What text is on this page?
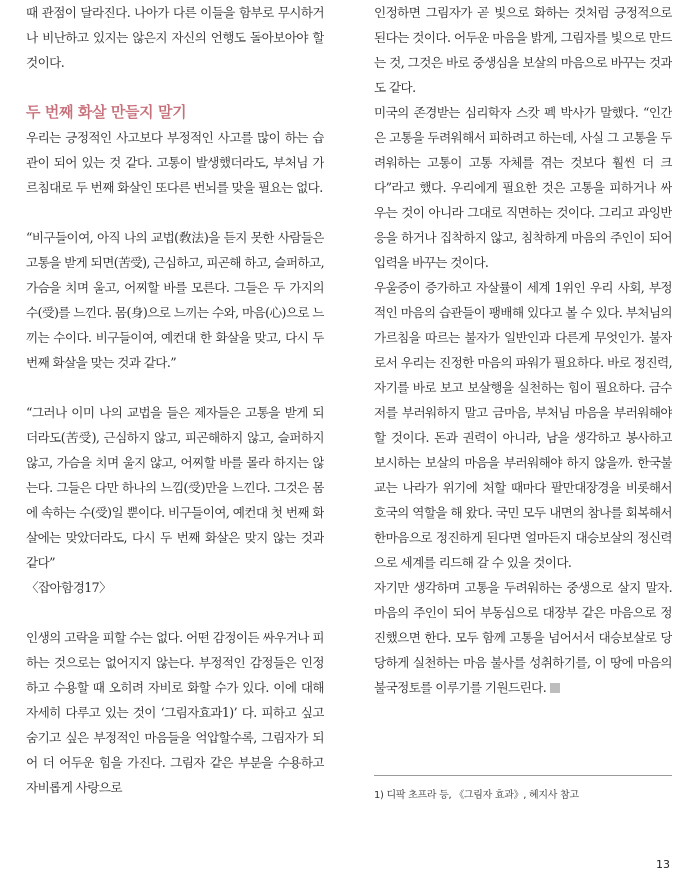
때 관점이 달라진다. 나아가 다른 이들을 함부로 무시하거나 비난하고 있지는 않은지 자신의 언행도 돌아보아야 할 것이다.

두 번째 화살 만들지 말기

우리는 긍정적인 사고보다 부정적인 사고를 많이 하는 습관이 되어 있는 것 같다. 고통이 발생했더라도, 부처님 가르침대로 두 번째 화살인 또다른 번뇌를 맞을 필요는 없다.

“비구들이여, 아직 나의 교법(敎法)을 듣지 못한 사람들은 고통을 받게 되면(苦受), 근심하고, 피곤해 하고, 슬퍼하고, 가슴을 치며 울고, 어찌할 바를 모른다. 그들은 두 가지의 수(受)를 느낀다. 몸(身)으로 느끼는 수와, 마음(心)으로 느끼는 수이다. 비구들이여, 예컨대 한 화살을 맞고, 다시 두 번째 화살을 맞는 것과 같다.”

“그러나 이미 나의 교법을 들은 제자들은 고통을 받게 되더라도(苦受), 근심하지 않고, 피곤해하지 않고, 슬퍼하지 않고, 가슴을 치며 울지 않고, 어찌할 바를 몰라 하지는 않는다. 그들은 다만 하나의 느낌(受)만을 느낀다. 그것은 몸에 속하는 수(受)일 뿐이다. 비구들이여, 예컨대 첫 번째 화살에는 맞았더라도, 다시 두 번째 화살은 맞지 않는 것과 같다”

〈잡아함경17〉

인생의 고락을 피할 수는 없다. 어떤 감정이든 싸우거나 피하는 것으로는 없어지지 않는다. 부정적인 감정들은 인정하고 수용할 때 오히려 자비로 화할 수가 있다. 이에 대해 자세히 다루고 있는 것이 ‘그림자효과1)’ 다. 피하고 싶고 숨기고 싶은 부정적인 마음들을 억압할수록, 그림자가 되어 더 어두운 힘을 가진다. 그림자 같은 부분을 수용하고 자비롭게 사랑으로

인정하면 그림자가 곧 빛으로 화하는 것처럼 긍정적으로 된다는 것이다. 어두운 마음을 밝게, 그림자를 빛으로 만드는 것, 그것은 바로 중생심을 보살의 마음으로 바꾸는 것과도 같다.

미국의 존경받는 심리학자 스캇 펙 박사가 말했다. “인간은 고통을 두려워해서 피하려고 하는데, 사실 그 고통을 두려워하는 고통이 고통 자체를 겪는 것보다 훨씬 더 크다”라고 했다. 우리에게 필요한 것은 고통을 피하거나 싸우는 것이 아니라 그대로 직면하는 것이다. 그리고 과잉반응을 하거나 집착하지 않고, 침착하게 마음의 주인이 되어 입력을 바꾸는 것이다.

우울증이 증가하고 자살률이 세계 1위인 우리 사회, 부정적인 마음의 습관들이 팽배해 있다고 볼 수 있다. 부처님의 가르침을 따르는 불자가 일반인과 다른게 무엇인가. 불자로서 우리는 진정한 마음의 파워가 필요하다. 바로 정진력, 자기를 바로 보고 보살행을 실천하는 힘이 필요하다. 금수저를 부러워하지 말고 금마음, 부처님 마음을 부러워해야 할 것이다. 돈과 권력이 아니라, 남을 생각하고 봉사하고 보시하는 보살의 마음을 부러워해야 하지 않을까. 한국불교는 나라가 위기에 처할 때마다 팔만대장경을 비롯해서 호국의 역할을 해 왔다. 국민 모두 내면의 참나를 회복해서 한마음으로 정진하게 된다면 얼마든지 대승보살의 정신력으로 세계를 리드해 갈 수 있을 것이다.

자기만 생각하며 고통을 두려워하는 중생으로 살지 말자. 마음의 주인이 되어 부동심으로 대장부 같은 마음으로 정진했으면 한다. 모두 함께 고통을 넘어서서 대승보살로 당당하게 실천하는 마음 불사를 성취하기를, 이 땅에 마음의 불국정토를 이루기를 기원드린다.

1) 디팍 초프라 등, 《그림자 효과》, 혜지사 참고
13
